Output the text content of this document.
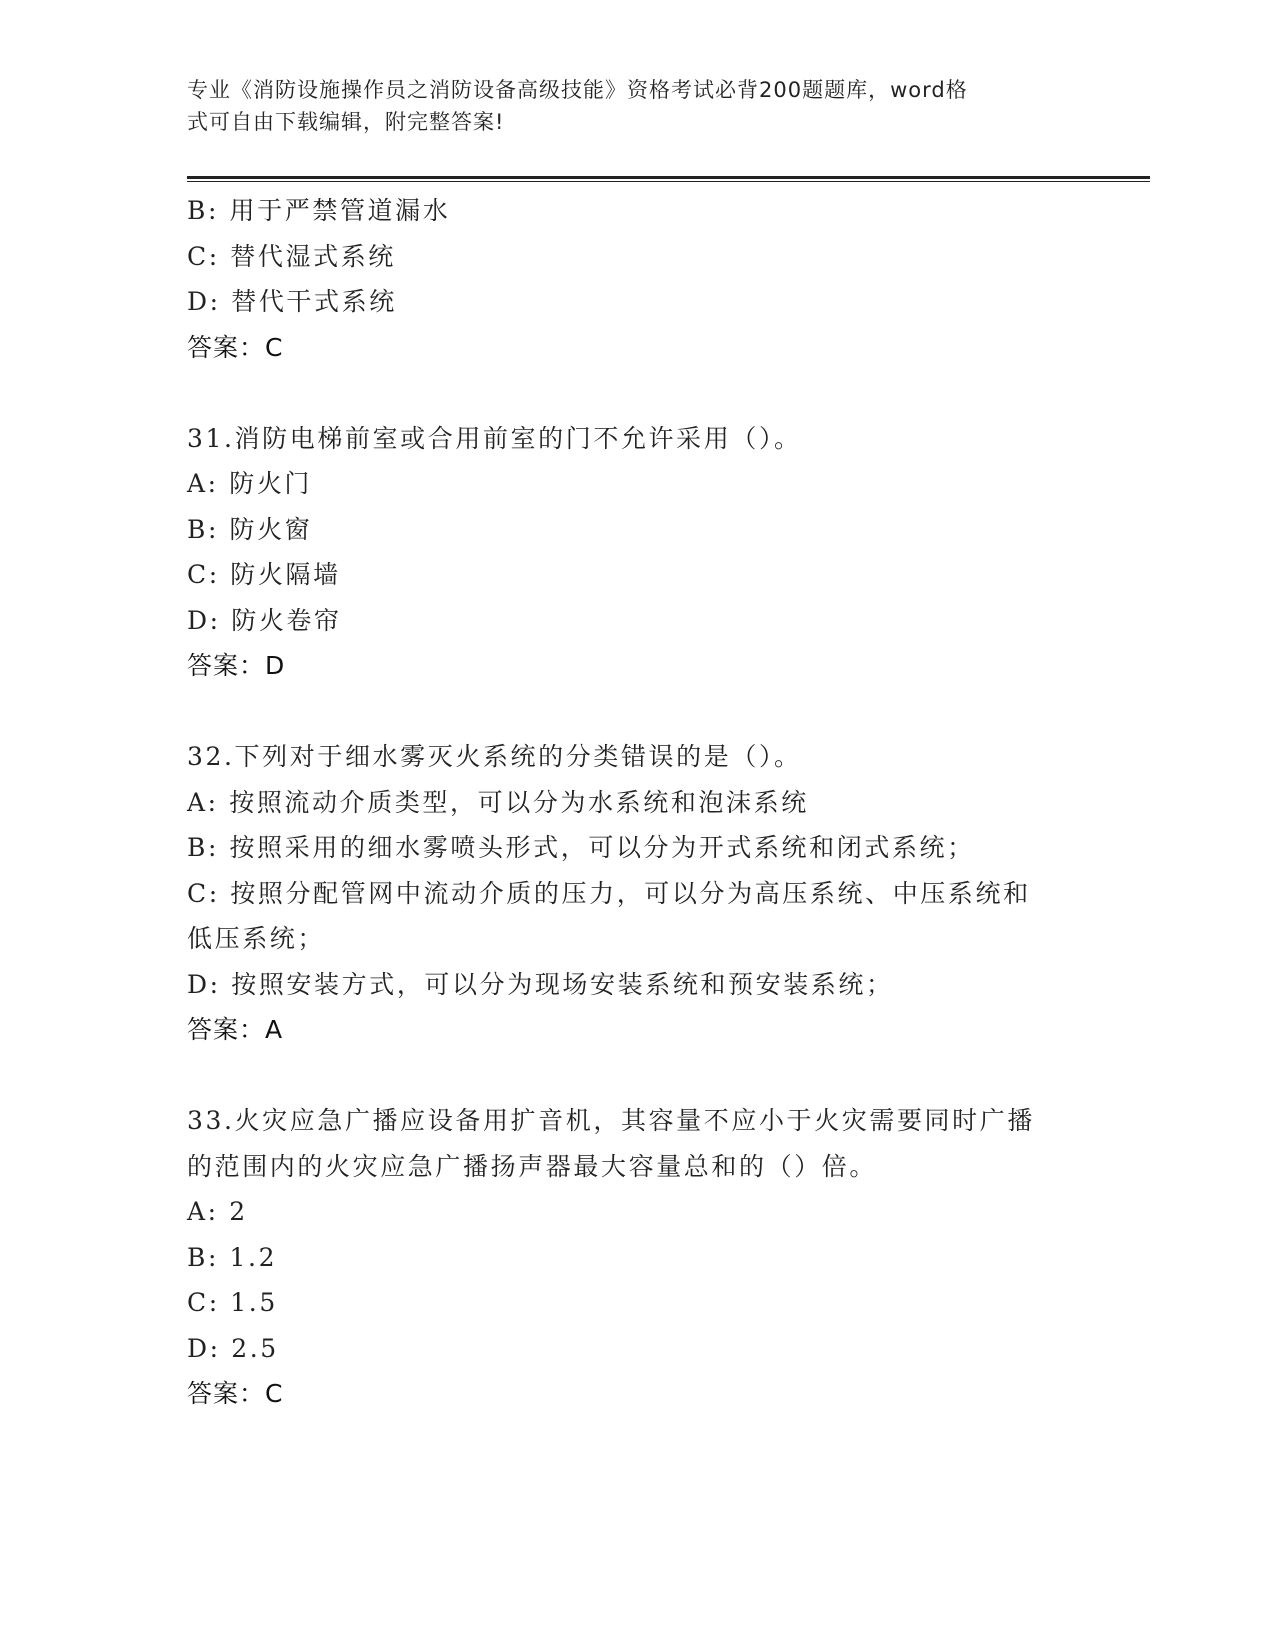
专业《消防设施操作员之消防设备高级技能》资格考试必背200题题库，word格
式可自由下载编辑，附完整答案!
B: 用于严禁管道漏水
C: 替代湿式系统
D: 替代干式系统
答案：C
31.消防电梯前室或合用前室的门不允许采用（）。
A: 防火门
B: 防火窗
C: 防火隔墙
D: 防火卷帘
答案：D
32.下列对于细水雾灭火系统的分类错误的是（）。
A: 按照流动介质类型，可以分为水系统和泡沫系统
B: 按照采用的细水雾喷头形式，可以分为开式系统和闭式系统；
C: 按照分配管网中流动介质的压力，可以分为高压系统、中压系统和
低压系统；
D: 按照安装方式，可以分为现场安装系统和预安装系统；
答案：A
33.火灾应急广播应设备用扩音机，其容量不应小于火灾需要同时广播
的范围内的火灾应急广播扬声器最大容量总和的（）倍。
A: 2
B: 1.2
C: 1.5
D: 2.5
答案：C
